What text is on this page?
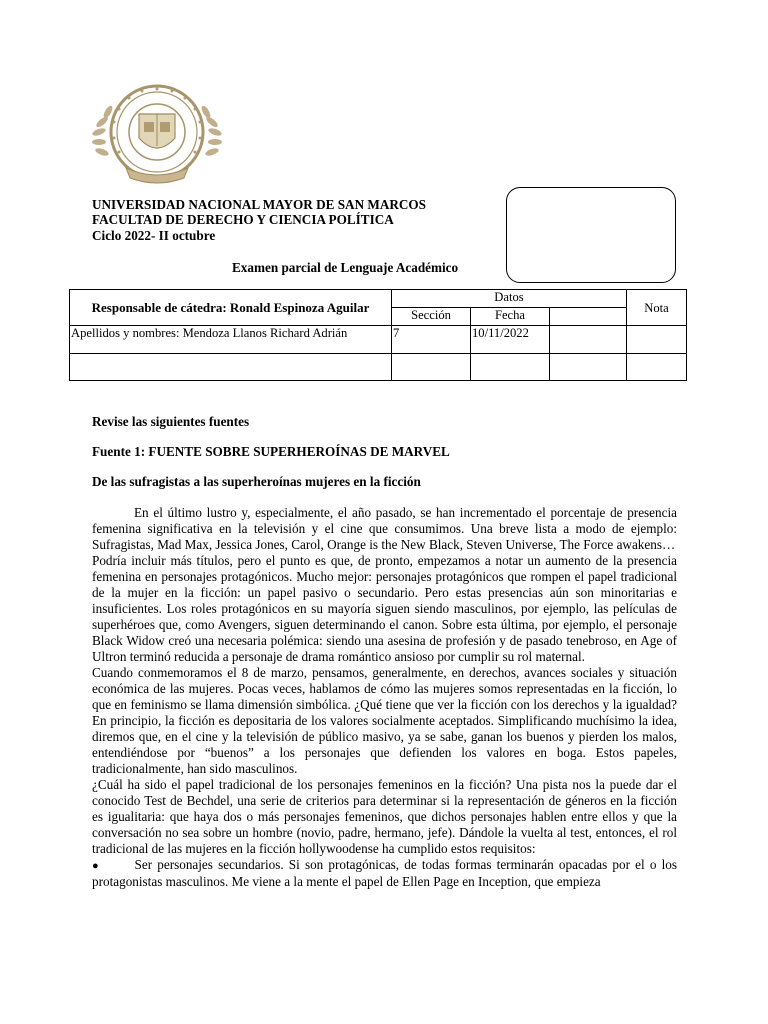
UNIVERSIDAD NACIONAL MAYOR DE SAN MARCOS
FACULTAD DE DERECHO Y CIENCIA POLÍTICA
Ciclo 2022- II octubre
Examen parcial de Lenguaje Académico
Responsable de cátedra: Ronald Espinoza Aguilar	Datos			Nota
	Sección	Fecha		
Apellidos y nombres: Mendoza Llanos Richard Adrián	7	10/11/2022		

Revise las siguientes fuentes
Fuente 1: FUENTE SOBRE SUPERHEROÍNAS DE MARVEL
De las sufragistas a las superheroínas mujeres en la ficción

En el último lustro y, especialmente, el año pasado, se han incrementado el porcentaje de presencia femenina significativa en la televisión y el cine que consumimos. Una breve lista a modo de ejemplo: Sufragistas, Mad Max, Jessica Jones, Carol, Orange is the New Black, Steven Universe, The Force awakens…

Podría incluir más títulos, pero el punto es que, de pronto, empezamos a notar un aumento de la presencia femenina en personajes protagónicos. Mucho mejor: personajes protagónicos que rompen el papel tradicional de la mujer en la ficción: un papel pasivo o secundario. Pero estas presencias aún son minoritarias e insuficientes. Los roles protagónicos en su mayoría siguen siendo masculinos, por ejemplo, las películas de superhéroes que, como Avengers, siguen determinando el canon. Sobre esta última, por ejemplo, el personaje Black Widow creó una necesaria polémica: siendo una asesina de profesión y de pasado tenebroso, en Age of Ultron terminó reducida a personaje de drama romántico ansioso por cumplir su rol maternal.

Cuando conmemoramos el 8 de marzo, pensamos, generalmente, en derechos, avances sociales y situación económica de las mujeres. Pocas veces, hablamos de cómo las mujeres somos representadas en la ficción, lo que en feminismo se llama dimensión simbólica. ¿Qué tiene que ver la ficción con los derechos y la igualdad? En principio, la ficción es depositaria de los valores socialmente aceptados. Simplificando muchísimo la idea, diremos que, en el cine y la televisión de público masivo, ya se sabe, ganan los buenos y pierden los malos, entendiéndose por “buenos” a los personajes que defienden los valores en boga. Estos papeles, tradicionalmente, han sido masculinos.

¿Cuál ha sido el papel tradicional de los personajes femeninos en la ficción? Una pista nos la puede dar el conocido Test de Bechdel, una serie de criterios para determinar si la representación de géneros en la ficción es igualitaria: que haya dos o más personajes femeninos, que dichos personajes hablen entre ellos y que la conversación no sea sobre un hombre (novio, padre, hermano, jefe). Dándole la vuelta al test, entonces, el rol tradicional de las mujeres en la ficción hollywoodense ha cumplido estos requisitos:

●	Ser personajes secundarios. Si son protagónicas, de todas formas terminarán opacadas por el o los protagonistas masculinos. Me viene a la mente el papel de Ellen Page en Inception, que empieza
